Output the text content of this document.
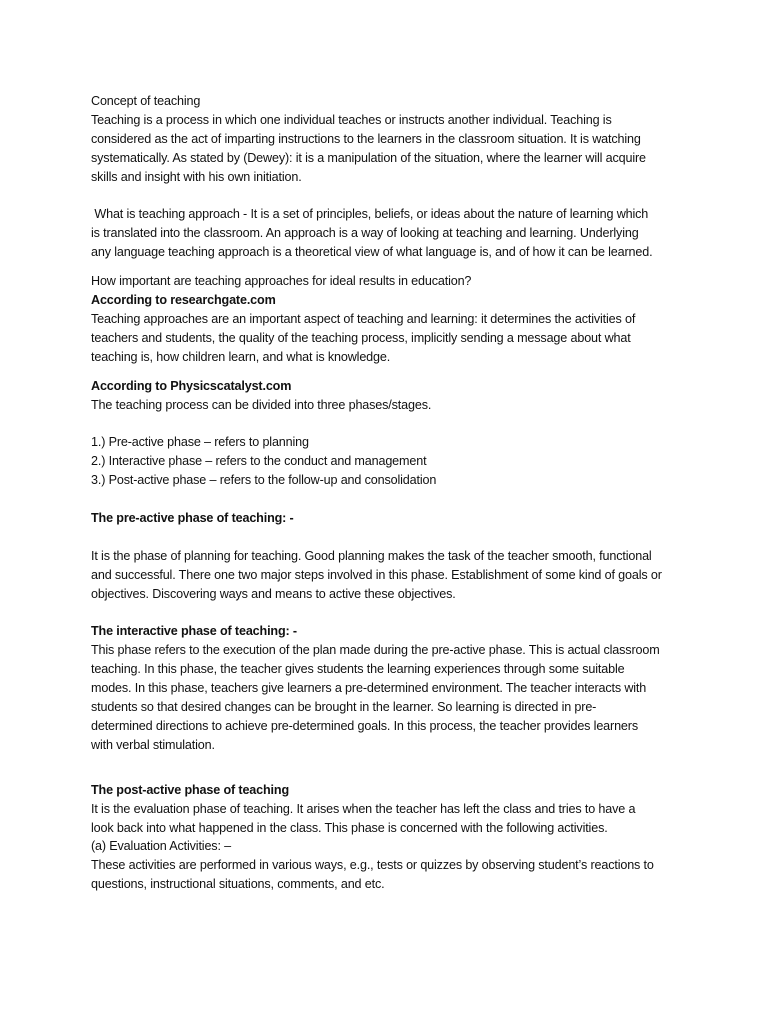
Concept of teaching
Teaching is a process in which one individual teaches or instructs another individual. Teaching is
considered as the act of imparting instructions to the learners in the classroom situation. It is watching
systematically. As stated by (Dewey): it is a manipulation of the situation, where the learner will acquire
skills and insight with his own initiation.
What is teaching approach - It is a set of principles, beliefs, or ideas about the nature of learning which
is translated into the classroom. An approach is a way of looking at teaching and learning. Underlying
any language teaching approach is a theoretical view of what language is, and of how it can be learned.
How important are teaching approaches for ideal results in education?
According to researchgate.com
Teaching approaches are an important aspect of teaching and learning: it determines the activities of
teachers and students, the quality of the teaching process, implicitly sending a message about what
teaching is, how children learn, and what is knowledge.
According to Physicscatalyst.com
The teaching process can be divided into three phases/stages.
1.) Pre-active phase – refers to planning
2.) Interactive phase – refers to the conduct and management
3.) Post-active phase – refers to the follow-up and consolidation
The pre-active phase of teaching: -
It is the phase of planning for teaching. Good planning makes the task of the teacher smooth, functional
and successful. There one two major steps involved in this phase. Establishment of some kind of goals or
objectives. Discovering ways and means to active these objectives.
The interactive phase of teaching: -
This phase refers to the execution of the plan made during the pre-active phase. This is actual classroom
teaching. In this phase, the teacher gives students the learning experiences through some suitable
modes. In this phase, teachers give learners a pre-determined environment. The teacher interacts with
students so that desired changes can be brought in the learner. So learning is directed in pre-
determined directions to achieve pre-determined goals. In this process, the teacher provides learners
with verbal stimulation.
The post-active phase of teaching
It is the evaluation phase of teaching. It arises when the teacher has left the class and tries to have a
look back into what happened in the class. This phase is concerned with the following activities.
(a) Evaluation Activities: –
These activities are performed in various ways, e.g., tests or quizzes by observing student’s reactions to
questions, instructional situations, comments, and etc.
